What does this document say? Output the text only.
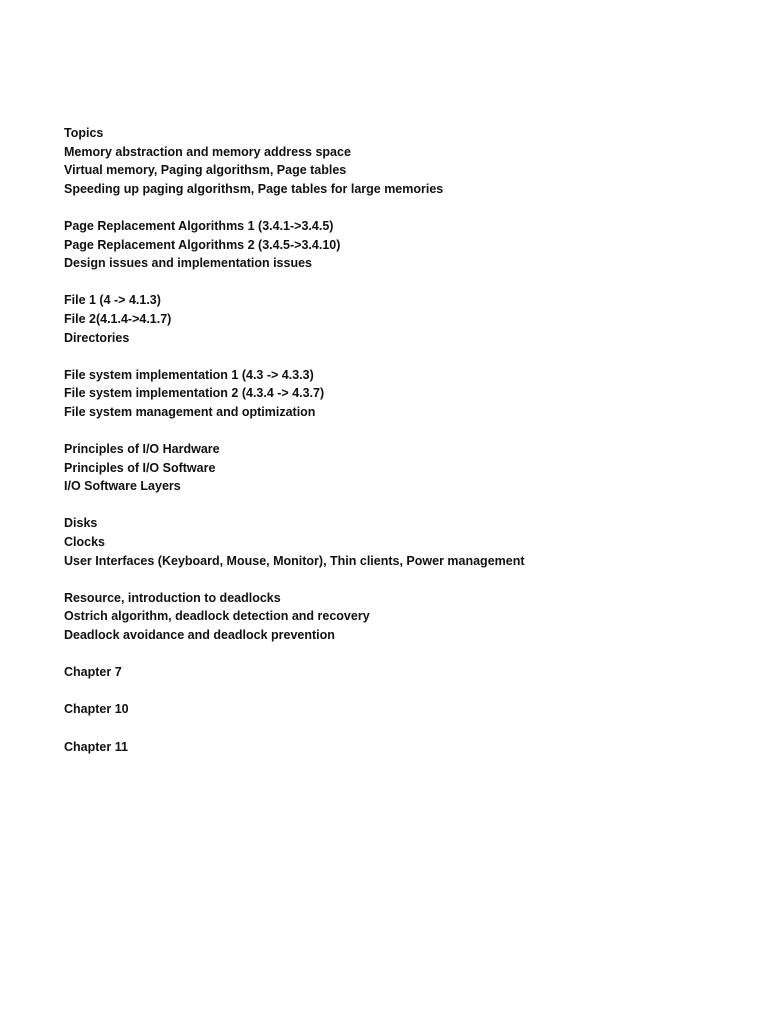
Topics
Memory abstraction and memory address space
Virtual memory, Paging algorithsm, Page tables
Speeding up paging algorithsm, Page tables for large memories
Page Replacement Algorithms 1 (3.4.1->3.4.5)
Page Replacement Algorithms 2 (3.4.5->3.4.10)
Design issues and implementation issues
File 1 (4 -> 4.1.3)
File 2(4.1.4->4.1.7)
Directories
File system implementation 1 (4.3 -> 4.3.3)
File system implementation 2 (4.3.4 -> 4.3.7)
File system management and optimization
Principles of I/O Hardware
Principles of I/O Software
I/O Software Layers
Disks
Clocks
User Interfaces (Keyboard, Mouse, Monitor), Thin clients, Power management
Resource, introduction to deadlocks
Ostrich algorithm, deadlock detection and recovery
Deadlock avoidance and deadlock prevention
Chapter 7
Chapter 10
Chapter 11
